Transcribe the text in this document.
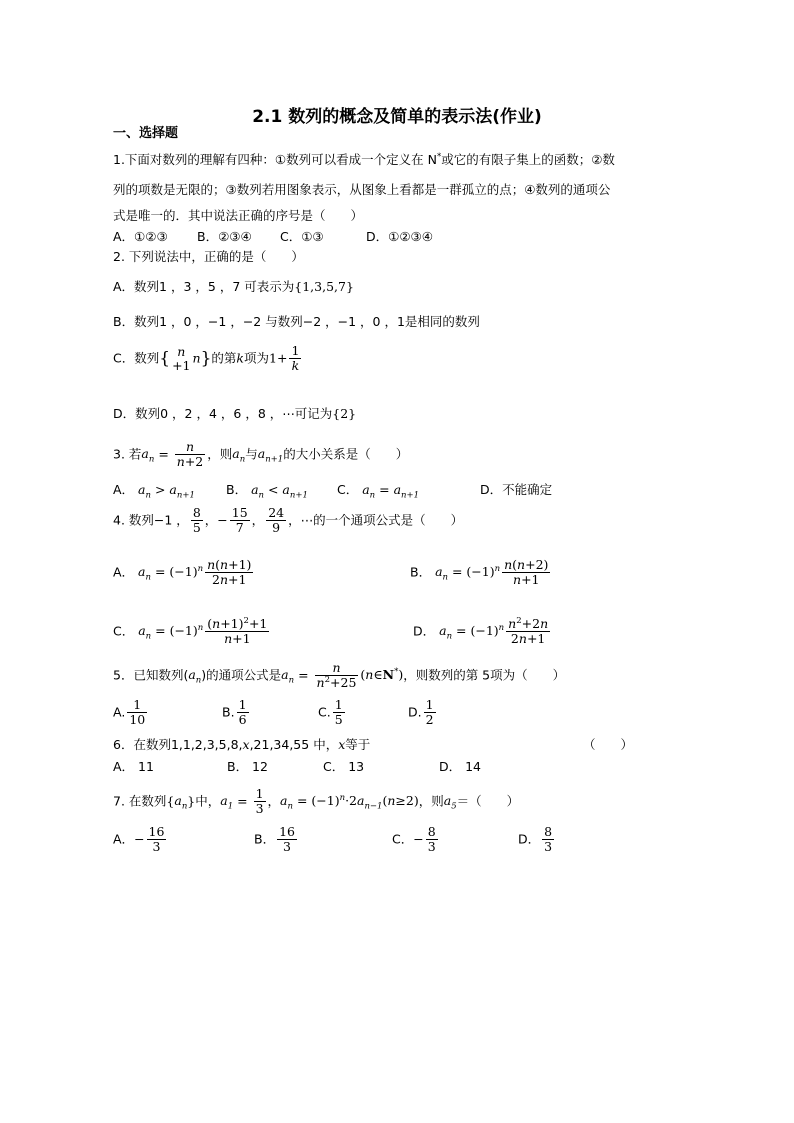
2.1 数列的概念及简单的表示法(作业)
一、选择题
1.下面对数列的理解有四种：①数列可以看成一个定义在 N*或它的有限子集上的函数；②数
列的项数是无限的；③数列若用图象表示，从图象上看都是一群孤立的点；④数列的通项公
式是唯一的．其中说法正确的序号是（　　）
A．①②③ B．②③④ C．①③	D．①②③④
2. 下列说法中，正确的是（　　）
A．数列1 ，3 ，5 ，7 可表示为{1,3,5,7}
B．数列1 ，0 ，−1 ，−2 与数列−2 ，−1 ，0 ，1是相同的数列
C．数列{ n
+1 n}的第k项为$1+ \frac{1}{k}$
D．数列0 ，2 ，4 ，6 ，8 ，⋯可记为{2}
3. 若$a_n = \frac{n}{n+2}$ ，则$a_n$与$a_{n+1}$的大小关系是（　　）
A． $a_n > a_{n+1}$ B． $a_n < a_{n+1}$ C． $a_n = a_{n+1}$	D．不能确定
4. 数列−1 ， $\frac{8}{5}$ ，− $\frac{15}{7}$ ， $\frac{24}{9}$ ，⋯的一个通项公式是（　　）
A． $a_n = (-1)^n \frac{n(n+1)}{2n+1}$	B． $a_n = (-1)^n \frac{n(n+2)}{n+1}$
C． $a_n = (-1)^n \frac{(n+1)^2+1}{n+1}$	D． $a_n = (-1)^n \frac{n^2+2n}{2n+1}$
5．已知数列$(a_n)$的通项公式是$a_n = \frac{n}{n^2+25}$ (n∈N*)，则数列的第 5项为（　　）
A. $\frac{1}{10}$	B. $\frac{1}{6}$	C. $\frac{1}{5}$	D. $\frac{1}{2}$
6．在数列1,1,2,3,5,8,x,21,34,55 中，x等于	（　　）
A． 11	B． 12	C． 13	D． 14
7. 在数列$\{a_n\}$中，$a_1 = \frac{1}{3}$ ，$a_n = (-1)^n\cdot 2a_{n-1}(n\ge 2)$，则$a_5=$（　　）
A．− $\frac{16}{3}$	B． $\frac{16}{3}$	C．− $\frac{8}{3}$	D． $\frac{8}{3}$
